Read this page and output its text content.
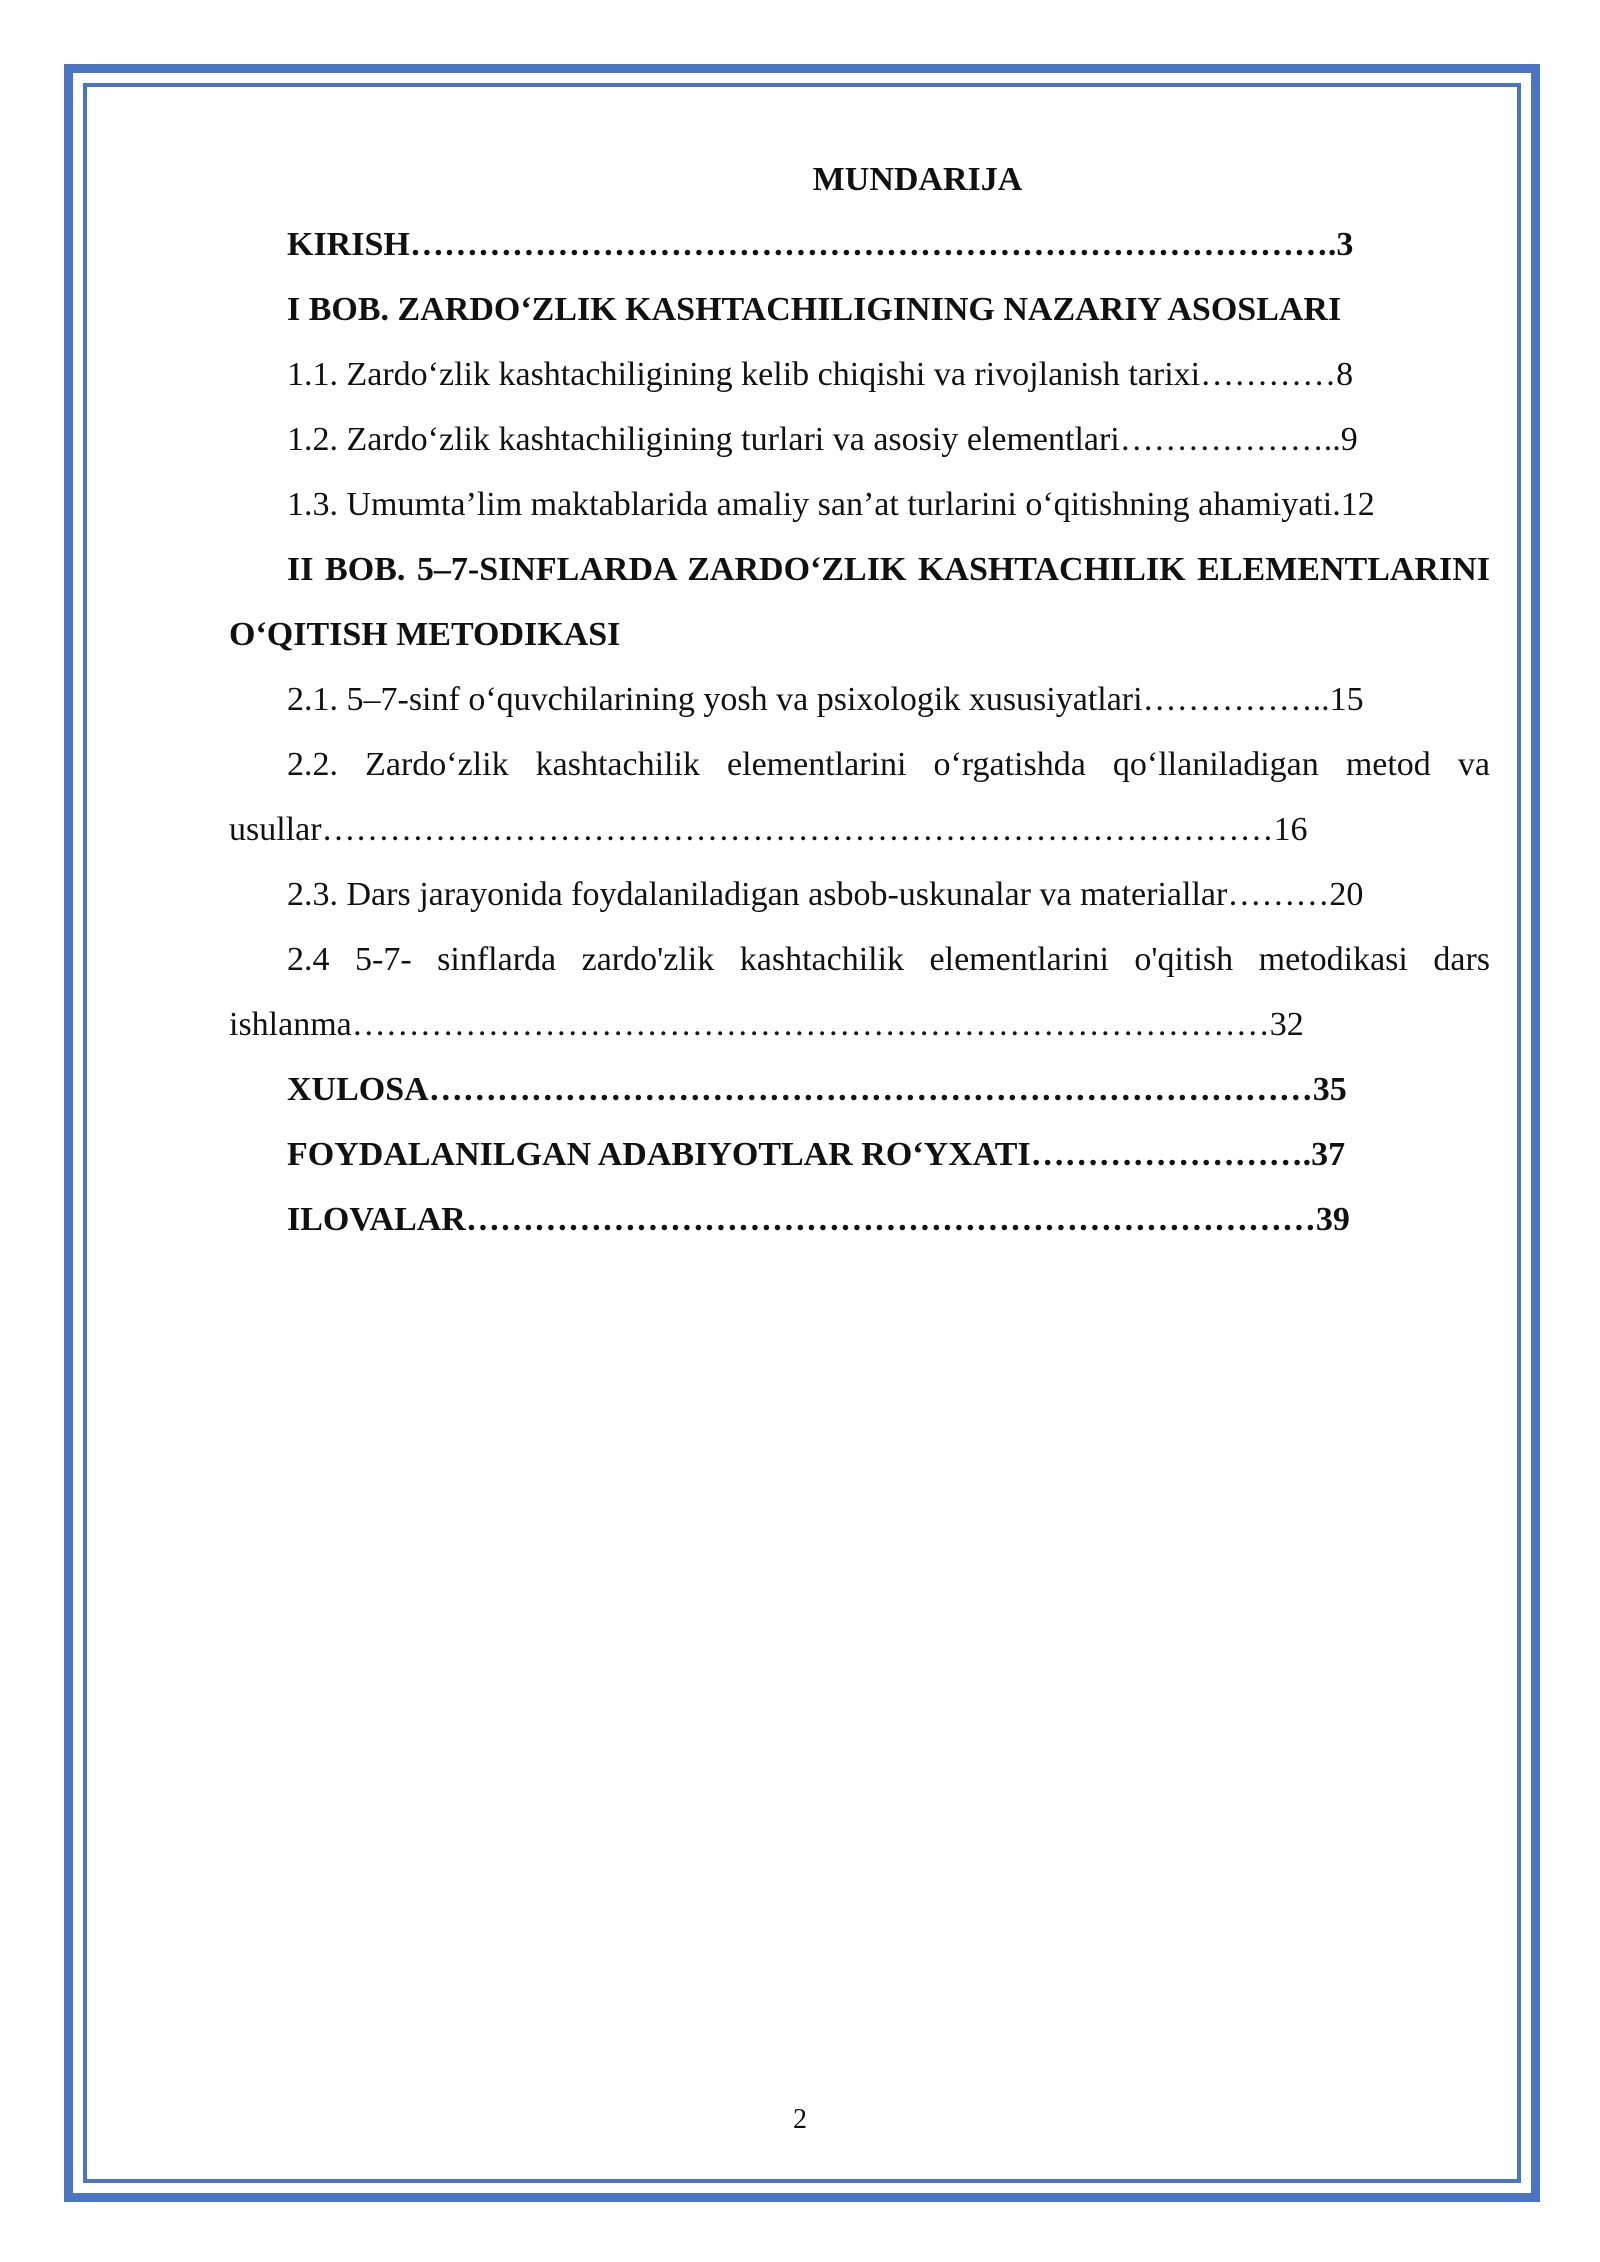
MUNDARIJA

KIRISH……………………………………………………………………….3

I BOB. ZARDO‘ZLIK KASHTACHILIGINING NAZARIY ASOSLARI

1.1. Zardo‘zlik kashtachiligining kelib chiqishi va rivojlanish tarixi…………8

1.2. Zardo‘zlik kashtachiligining turlari va asosiy elementlari………………..9

1.3. Umumta’lim maktablarida amaliy san’at turlarini o‘qitishning ahamiyati.12

II BOB. 5–7-SINFLARDA ZARDO‘ZLIK KASHTACHILIK ELEMENTLARINI O‘QITISH METODIKASI

2.1. 5–7-sinf o‘quvchilarining yosh va psixologik xususiyatlari……………..15

2.2. Zardo‘zlik kashtachilik elementlarini o‘rgatishda qo‘llaniladigan metod va usullar…………………………………………………………………………16

2.3. Dars jarayonida foydalaniladigan asbob-uskunalar va materiallar………20

2.4 5-7- sinflarda zardo'zlik kashtachilik elementlarini o'qitish metodikasi dars ishlanma………………………………………………………………………32

XULOSA……………………………………………………………………35

FOYDALANILGAN ADABIYOTLAR RO‘YXATI…………………….37

ILOVALAR…………………………………………………………………39

2
